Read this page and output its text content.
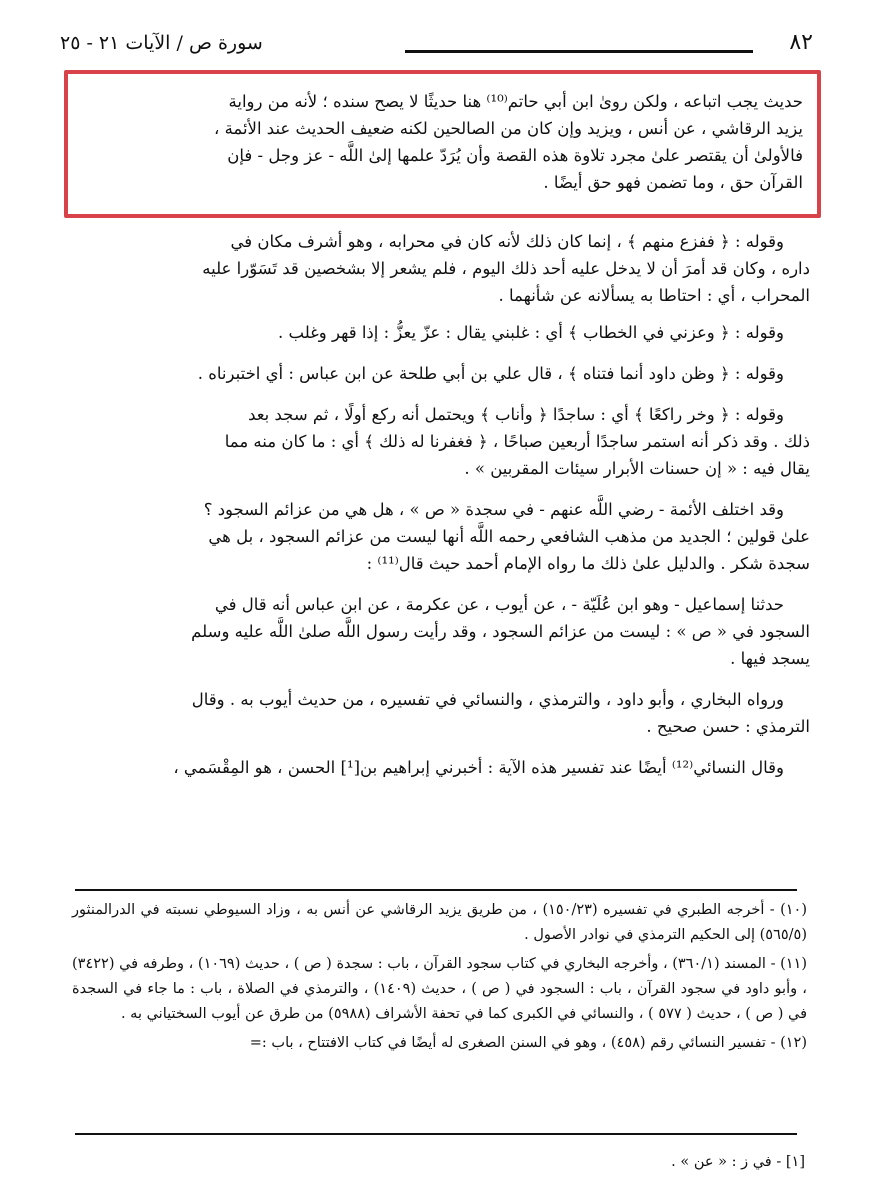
٨٢
سورة ص / الآيات ٢١ - ٢٥

حديث يجب اتباعه ، ولكن روىٰ ابن أبي حاتم⁽¹⁰⁾ هنا حديثًا لا يصح سنده ؛ لأنه من رواية

يزيد الرقاشي ، عن أنس ، ويزيد وإن كان من الصالحين لكنه ضعيف الحديث عند الأئمة ،

فالأولىٰ أن يقتصر علىٰ مجرد تلاوة هذه القصة وأن يُرَدّ علمها إلىٰ اللَّه - عز وجل - فإن

القرآن حق ، وما تضمن فهو حق أيضًا .

وقوله : ﴿ ففزع منهم ﴾ ، إنما كان ذلك لأنه كان في محرابه ، وهو أشرف مكان في

داره ، وكان قد أمرَ أن لا يدخل عليه أحد ذلك اليوم ، فلم يشعر إلا بشخصين قد تَسَوّرا عليه

المحراب ، أي : احتاطا به يسألانه عن شأنهما .

وقوله : ﴿ وعزني في الخطاب ﴾ أي : غلبني يقال : عزّ يعزُّ : إذا قهر وغلب .

وقوله : ﴿ وظن داود أنما فتناه ﴾ ، قال علي بن أبي طلحة عن ابن عباس : أي اختبرناه .

وقوله : ﴿ وخر راكعًا ﴾ أي : ساجدًا ﴿ وأناب ﴾ ويحتمل أنه ركع أولًا ، ثم سجد بعد

ذلك . وقد ذكر أنه استمر ساجدًا أربعين صباحًا ، ﴿ فغفرنا له ذلك ﴾ أي : ما كان منه مما

يقال فيه : « إن حسنات الأبرار سيئات المقربين » .

وقد اختلف الأئمة - رضي اللَّه عنهم - في سجدة « ص » ، هل هي من عزائم السجود ؟

علىٰ قولين ؛ الجديد من مذهب الشافعي رحمه اللَّه أنها ليست من عزائم السجود ، بل هي

سجدة شكر . والدليل علىٰ ذلك ما رواه الإمام أحمد حيث قال⁽¹¹⁾ :

حدثنا إسماعيل - وهو ابن عُلَيّة - ، عن أيوب ، عن عكرمة ، عن ابن عباس أنه قال في

السجود في « ص » : ليست من عزائم السجود ، وقد رأيت رسول اللَّه صلىٰ اللَّه عليه وسلم

يسجد فيها .

ورواه البخاري ، وأبو داود ، والترمذي ، والنسائي في تفسيره ، من حديث أيوب به . وقال

الترمذي : حسن صحيح .

وقال النسائي⁽¹²⁾ أيضًا عند تفسير هذه الآية : أخبرني إبراهيم بن[¹] الحسن ، هو المِقْسَمي ،

(١٠) - أخرجه الطبري في تفسيره (١٥٠/٢٣) ، من طريق يزيد الرقاشي عن أنس به ، وزاد السيوطي نسبته في الدرالمنثور (٥٦٥/٥) إلى الحكيم الترمذي في نوادر الأصول .

(١١) - المسند (٣٦٠/١) ، وأخرجه البخاري في كتاب سجود القرآن ، باب : سجدة ( ص ) ، حديث (١٠٦٩) ، وطرفه في (٣٤٢٢) ، وأبو داود في سجود القرآن ، باب : السجود في ( ص ) ، حديث (١٤٠٩) ، والترمذي في الصلاة ، باب : ما جاء في السجدة في ( ص ) ، حديث ( ٥٧٧ ) ، والنسائي في الكبرى كما في تحفة الأشراف (٥٩٨٨) من طرق عن أيوب السختياني به .

(١٢) - تفسير النسائي رقم (٤٥٨) ، وهو في السنن الصغرى له أيضًا في كتاب الافتتاح ، باب :=

[١] - في ز : « عن » .
